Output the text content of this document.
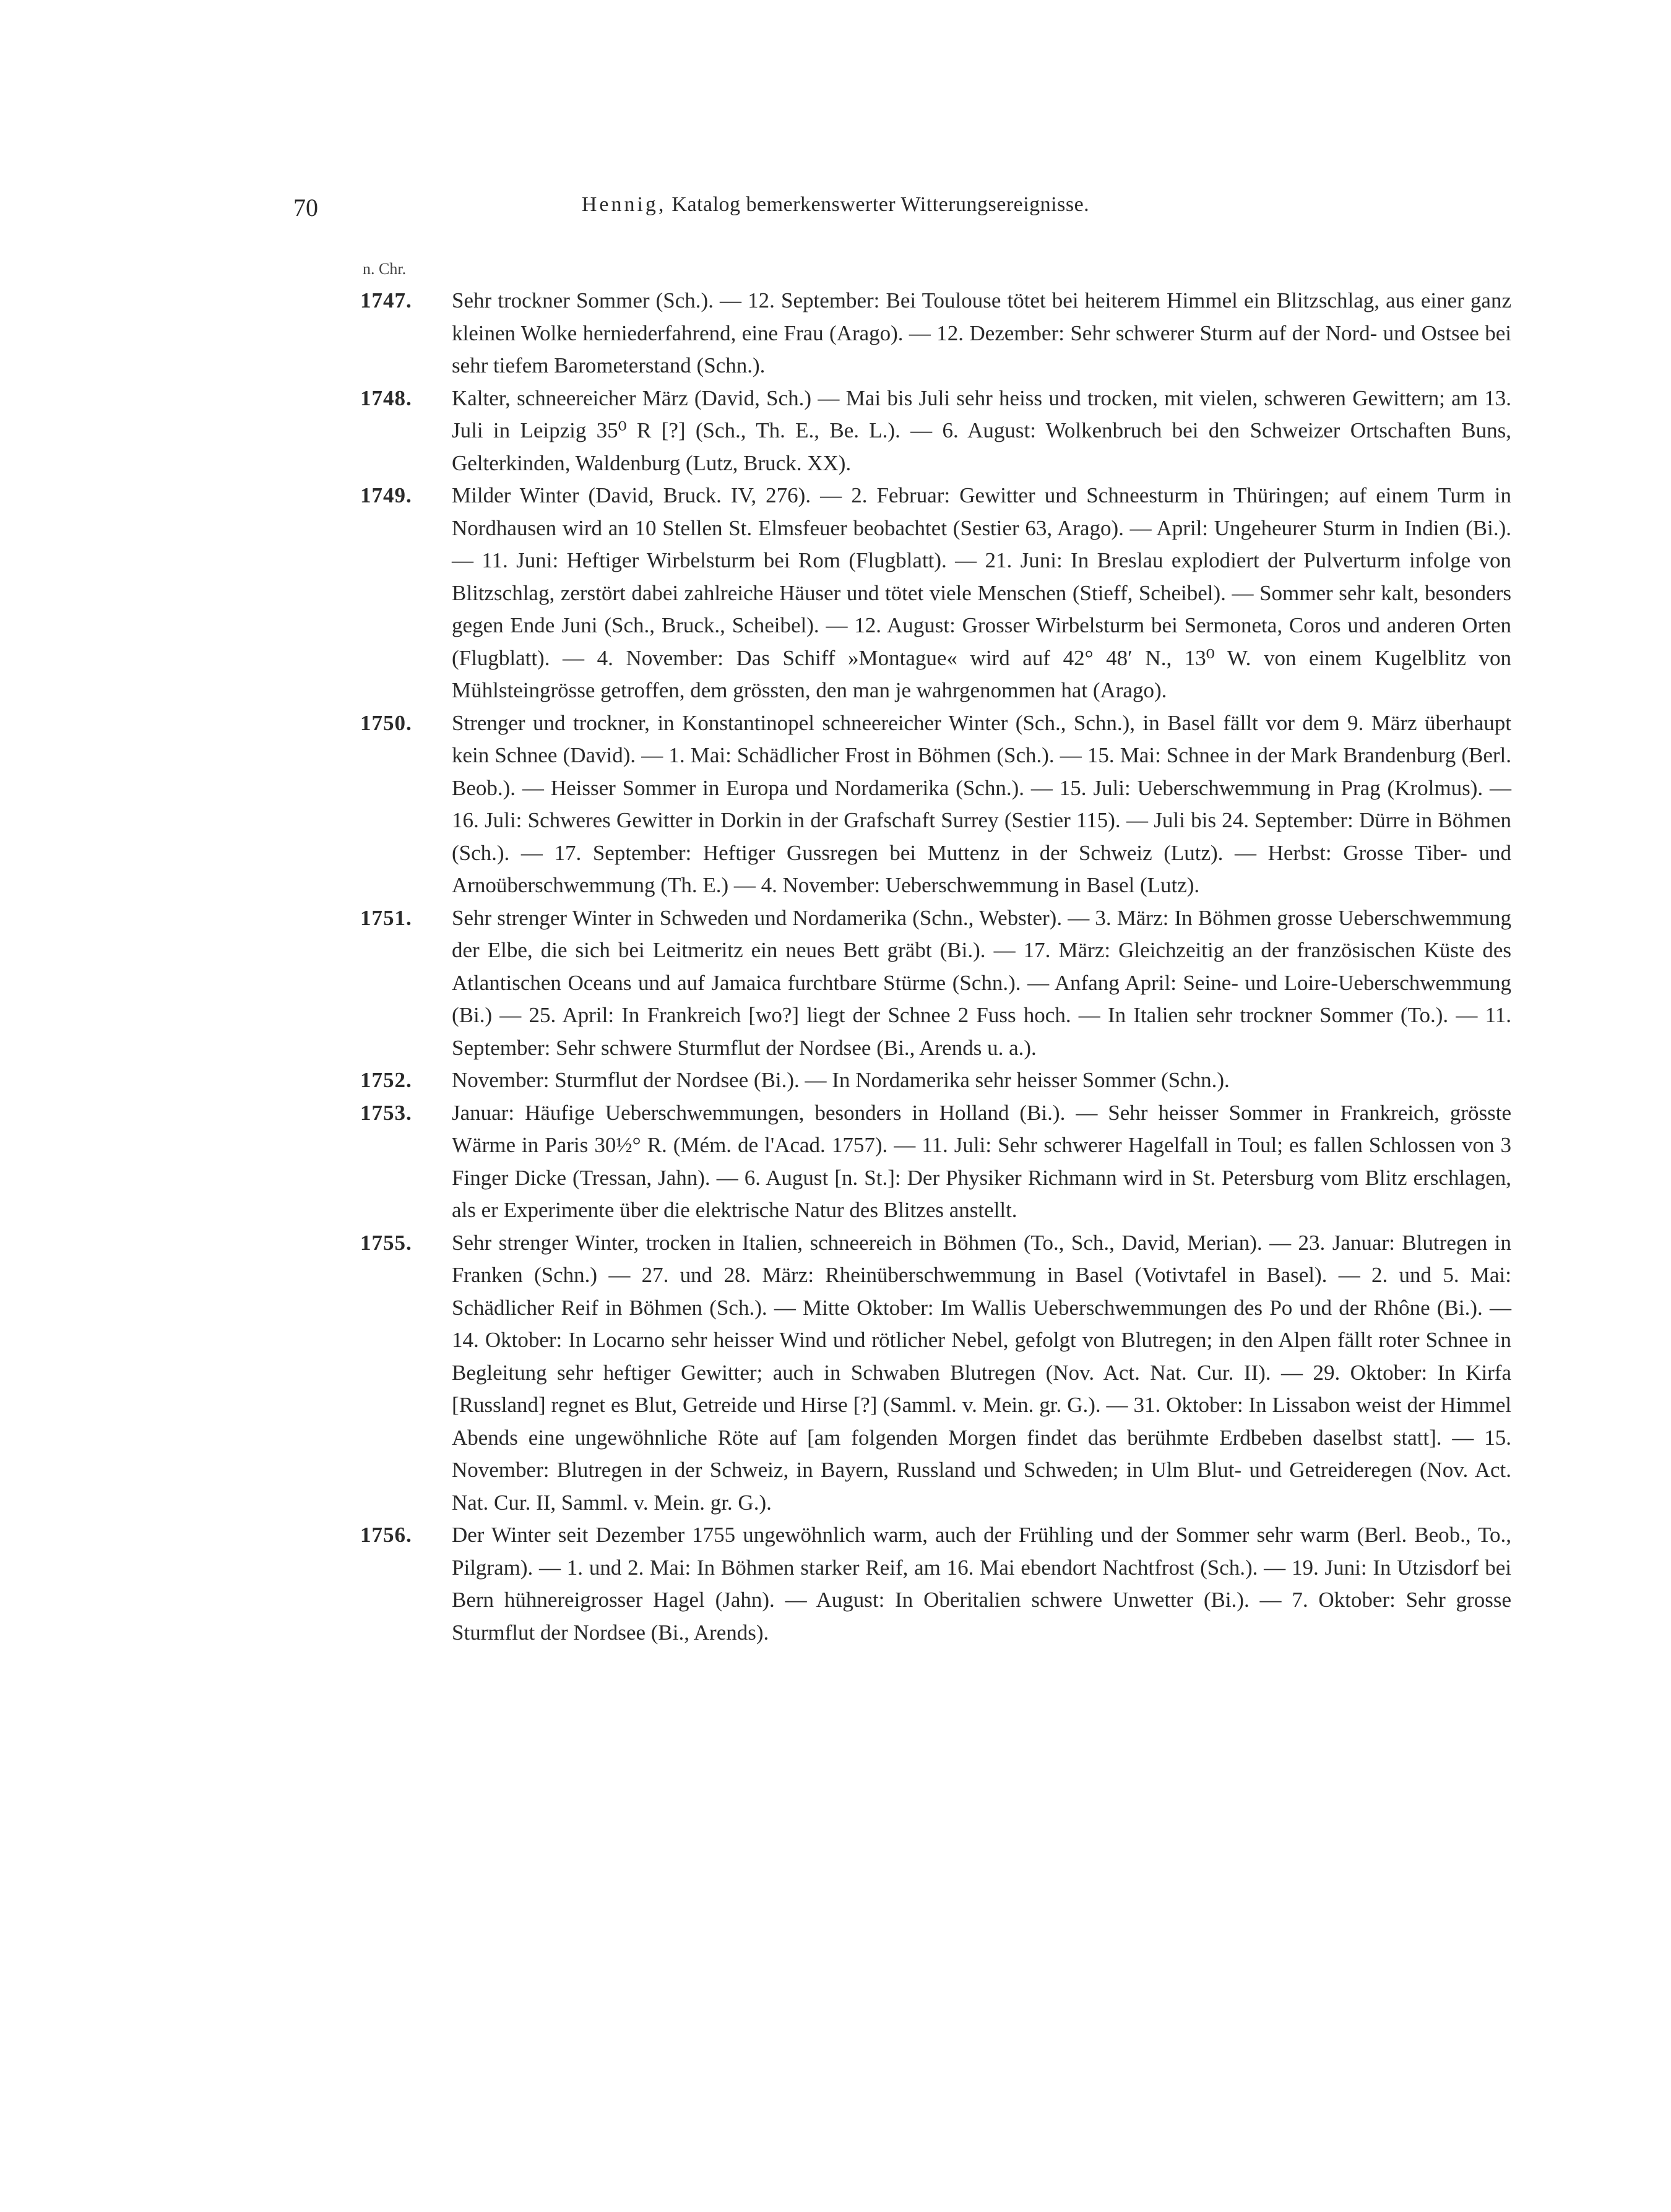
70	Hennig, Katalog bemerkenswerter Witterungsereignisse.
n. Chr.
1747.	Sehr trockner Sommer (Sch.). — 12. September: Bei Toulouse tötet bei heiterem Himmel ein Blitzschlag, aus einer ganz kleinen Wolke herniederfahrend, eine Frau (Arago). — 12. Dezember: Sehr schwerer Sturm auf der Nord- und Ostsee bei sehr tiefem Barometerstand (Schn.).
1748.	Kalter, schneereicher März (David, Sch.) — Mai bis Juli sehr heiss und trocken, mit vielen, schweren Gewittern; am 13. Juli in Leipzig 35⁰ R [?] (Sch., Th. E., Be. L.). — 6. August: Wolkenbruch bei den Schweizer Ortschaften Buns, Gelterkinden, Waldenburg (Lutz, Bruck. XX).
1749.	Milder Winter (David, Bruck. IV, 276). — 2. Februar: Gewitter und Schneesturm in Thüringen; auf einem Turm in Nordhausen wird an 10 Stellen St. Elmsfeuer beobachtet (Sestier 63, Arago). — April: Ungeheurer Sturm in Indien (Bi.). — 11. Juni: Heftiger Wirbelsturm bei Rom (Flugblatt). — 21. Juni: In Breslau explodiert der Pulverturm infolge von Blitzschlag, zerstört dabei zahlreiche Häuser und tötet viele Menschen (Stieff, Scheibel). — Sommer sehr kalt, besonders gegen Ende Juni (Sch., Bruck., Scheibel). — 12. August: Grosser Wirbelsturm bei Sermoneta, Coros und anderen Orten (Flugblatt). — 4. November: Das Schiff »Montague« wird auf 42° 48′ N., 13⁰ W. von einem Kugelblitz von Mühlsteingrösse getroffen, dem grössten, den man je wahrgenommen hat (Arago).
1750.	Strenger und trockner, in Konstantinopel schneereicher Winter (Sch., Schn.), in Basel fällt vor dem 9. März überhaupt kein Schnee (David). — 1. Mai: Schädlicher Frost in Böhmen (Sch.). — 15. Mai: Schnee in der Mark Brandenburg (Berl. Beob.). — Heisser Sommer in Europa und Nordamerika (Schn.). — 15. Juli: Ueberschwemmung in Prag (Krolmus). — 16. Juli: Schweres Gewitter in Dorkin in der Grafschaft Surrey (Sestier 115). — Juli bis 24. September: Dürre in Böhmen (Sch.). — 17. September: Heftiger Gussregen bei Muttenz in der Schweiz (Lutz). — Herbst: Grosse Tiber- und Arnoüberschwemmung (Th. E.) — 4. November: Ueberschwemmung in Basel (Lutz).
1751.	Sehr strenger Winter in Schweden und Nordamerika (Schn., Webster). — 3. März: In Böhmen grosse Ueberschwemmung der Elbe, die sich bei Leitmeritz ein neues Bett gräbt (Bi.). — 17. März: Gleichzeitig an der französischen Küste des Atlantischen Oceans und auf Jamaica furchtbare Stürme (Schn.). — Anfang April: Seine- und Loire-Ueberschwemmung (Bi.) — 25. April: In Frankreich [wo?] liegt der Schnee 2 Fuss hoch. — In Italien sehr trockner Sommer (To.). — 11. September: Sehr schwere Sturmflut der Nordsee (Bi., Arends u. a.).
1752.	November: Sturmflut der Nordsee (Bi.). — In Nordamerika sehr heisser Sommer (Schn.).
1753.	Januar: Häufige Ueberschwemmungen, besonders in Holland (Bi.). — Sehr heisser Sommer in Frankreich, grösste Wärme in Paris 30½° R. (Mém. de l'Acad. 1757). — 11. Juli: Sehr schwerer Hagelfall in Toul; es fallen Schlossen von 3 Finger Dicke (Tressan, Jahn). — 6. August [n. St.]: Der Physiker Richmann wird in St. Petersburg vom Blitz erschlagen, als er Experimente über die elektrische Natur des Blitzes anstellt.
1755.	Sehr strenger Winter, trocken in Italien, schneereich in Böhmen (To., Sch., David, Merian). — 23. Januar: Blutregen in Franken (Schn.) — 27. und 28. März: Rheinüberschwemmung in Basel (Votivtafel in Basel). — 2. und 5. Mai: Schädlicher Reif in Böhmen (Sch.). — Mitte Oktober: Im Wallis Ueberschwemmungen des Po und der Rhône (Bi.). — 14. Oktober: In Locarno sehr heisser Wind und rötlicher Nebel, gefolgt von Blutregen; in den Alpen fällt roter Schnee in Begleitung sehr heftiger Gewitter; auch in Schwaben Blutregen (Nov. Act. Nat. Cur. II). — 29. Oktober: In Kirfa [Russland] regnet es Blut, Getreide und Hirse [?] (Samml. v. Mein. gr. G.). — 31. Oktober: In Lissabon weist der Himmel Abends eine ungewöhnliche Röte auf [am folgenden Morgen findet das berühmte Erdbeben daselbst statt]. — 15. November: Blutregen in der Schweiz, in Bayern, Russland und Schweden; in Ulm Blut- und Getreideregen (Nov. Act. Nat. Cur. II, Samml. v. Mein. gr. G.).
1756.	Der Winter seit Dezember 1755 ungewöhnlich warm, auch der Frühling und der Sommer sehr warm (Berl. Beob., To., Pilgram). — 1. und 2. Mai: In Böhmen starker Reif, am 16. Mai ebendort Nachtfrost (Sch.). — 19. Juni: In Utzisdorf bei Bern hühnereigrosser Hagel (Jahn). — August: In Oberitalien schwere Unwetter (Bi.). — 7. Oktober: Sehr grosse Sturmflut der Nordsee (Bi., Arends).
